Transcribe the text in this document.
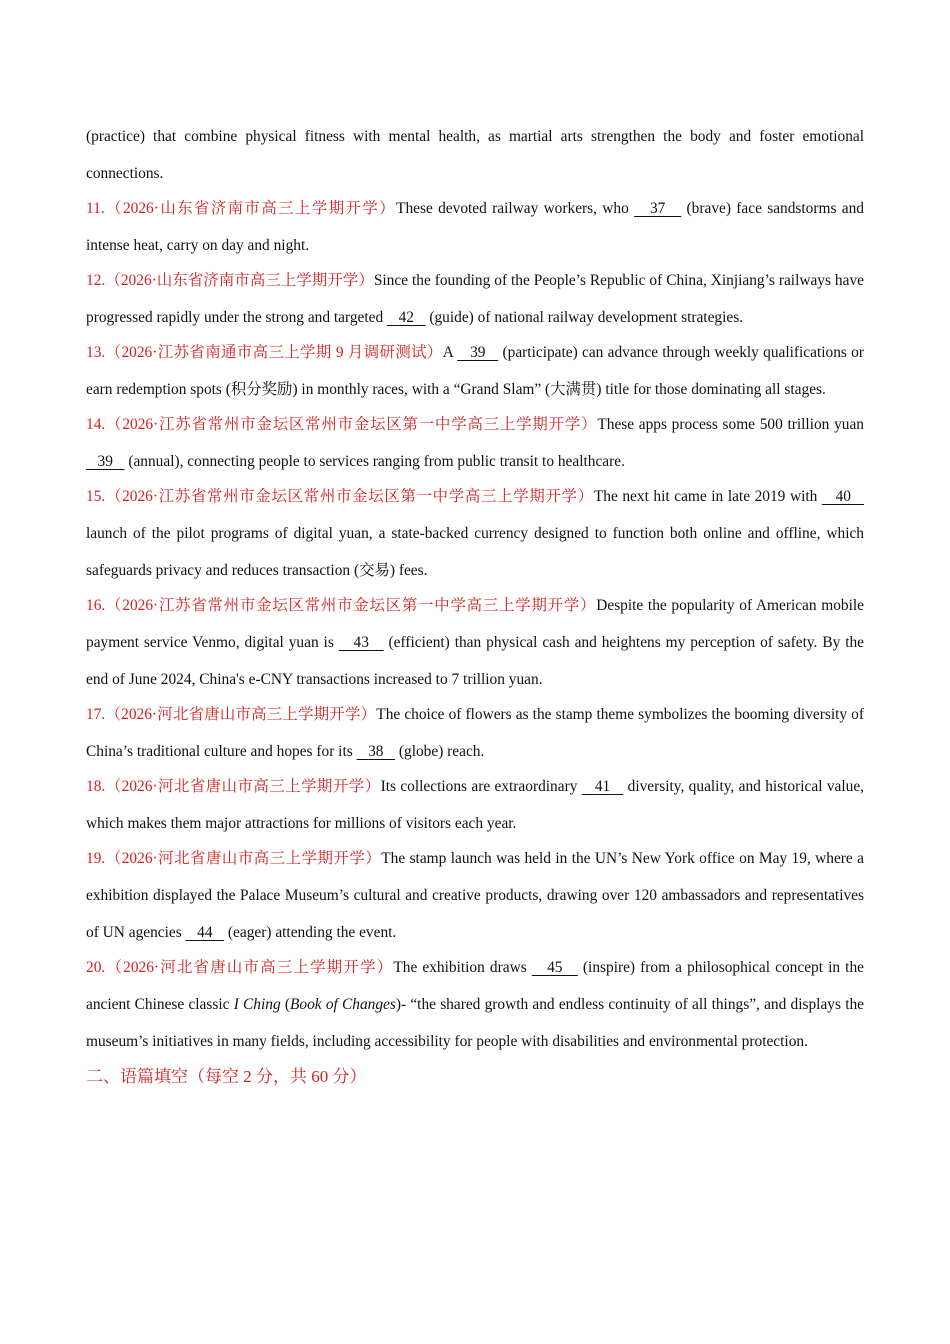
(practice) that combine physical fitness with mental health, as martial arts strengthen the body and foster emotional connections.

11.（2026·山东省济南市高三上学期开学）These devoted railway workers, who    37    (brave) face sandstorms and intense heat, carry on day and night.

12.（2026·山东省济南市高三上学期开学）Since the founding of the People’s Republic of China, Xinjiang’s railways have progressed rapidly under the strong and targeted    42    (guide) of national railway development strategies.

13.（2026·江苏省南通市高三上学期 9 月调研测试）A    39    (participate) can advance through weekly qualifications or earn redemption spots (积分奖励) in monthly races, with a “Grand Slam” (大满贯) title for those dominating all stages.

14.（2026·江苏省常州市金坛区常州市金坛区第一中学高三上学期开学）These apps process some 500 trillion yuan    39    (annual), connecting people to services ranging from public transit to healthcare.

15.（2026·江苏省常州市金坛区常州市金坛区第一中学高三上学期开学）The next hit came in late 2019 with    40    launch of the pilot programs of digital yuan, a state-backed currency designed to function both online and offline, which safeguards privacy and reduces transaction (交易) fees.

16.（2026·江苏省常州市金坛区常州市金坛区第一中学高三上学期开学）Despite the popularity of American mobile payment service Venmo, digital yuan is    43    (efficient) than physical cash and heightens my perception of safety. By the end of June 2024, China's e-CNY transactions increased to 7 trillion yuan.

17.（2026·河北省唐山市高三上学期开学）The choice of flowers as the stamp theme symbolizes the booming diversity of China’s traditional culture and hopes for its    38    (globe) reach.

18.（2026·河北省唐山市高三上学期开学）Its collections are extraordinary    41    diversity, quality, and historical value, which makes them major attractions for millions of visitors each year.

19.（2026·河北省唐山市高三上学期开学）The stamp launch was held in the UN’s New York office on May 19, where a exhibition displayed the Palace Museum’s cultural and creative products, drawing over 120 ambassadors and representatives of UN agencies    44    (eager) attending the event.

20.（2026·河北省唐山市高三上学期开学）The exhibition draws    45    (inspire) from a philosophical concept in the ancient Chinese classic I Ching (Book of Changes)- “the shared growth and endless continuity of all things”, and displays the museum’s initiatives in many fields, including accessibility for people with disabilities and environmental protection.

二、语篇填空（每空 2 分，共 60 分）
